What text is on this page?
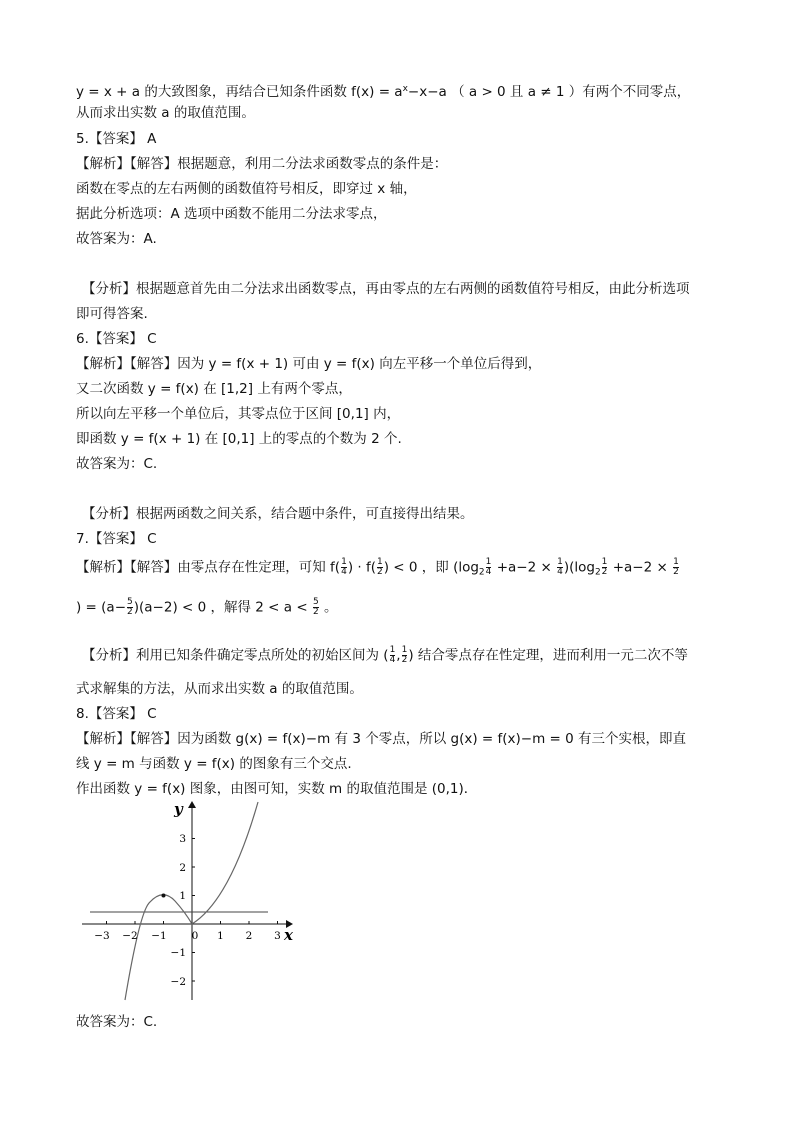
y = x + a 的大致图象，再结合已知条件函数 $f(x) = a^x-x-a$ （ a > 0 且 a ≠ 1 ）有两个不同零点，
从而求出实数 a 的取值范围。
5.【答案】 A
【解析】【解答】根据题意，利用二分法求函数零点的条件是：
函数在零点的左右两侧的函数值符号相反，即穿过 x 轴，
据此分析选项：A 选项中函数不能用二分法求零点，
故答案为：A.
【分析】根据题意首先由二分法求出函数零点，再由零点的左右两侧的函数值符号相反，由此分析选项
即可得答案.
6.【答案】 C
【解析】【解答】因为 y = f(x + 1) 可由 y = f(x) 向左平移一个单位后得到，
又二次函数 y = f(x) 在 [1,2] 上有两个零点，
所以向左平移一个单位后，其零点位于区间 [0,1] 内，
即函数 y = f(x + 1) 在 [0,1] 上的零点的个数为 2 个.
故答案为：C.
【分析】根据两函数之间关系，结合题中条件，可直接得出结果。
7.【答案】 C
【解析】【解答】由零点存在性定理，可知 $f( \frac{1}{4}$ ) · $f( \frac{1}{2}$ ) < 0 ，即 $(\log_2 \frac{1}{4} +a-2 \times \frac{1}{4} )(\log_2 \frac{1}{2} +a-2 \times \frac{1}{2}$
) = $(a- \frac{5}{2} )(a-2) < 0$ ，解得 $2 < a < \frac{5}{2}$ 。
【分析】利用已知条件确定零点所处的初始区间为 ( $\frac{1}{4}$ , $\frac{1}{2}$ ) 结合零点存在性定理，进而利用一元二次不等
式求解集的方法，从而求出实数 a 的取值范围。
8.【答案】 C
【解析】【解答】因为函数 g(x) = f(x)−m 有 3 个零点，所以 g(x) = f(x)−m = 0 有三个实根，即直
线 y = m 与函数 y = f(x) 的图象有三个交点.
作出函数 y = f(x) 图象，由图可知，实数 m 的取值范围是 (0,1)．
y
x
−3 −2 −1 0 1 2 3
3
2
1
−1
−2
故答案为：C.
